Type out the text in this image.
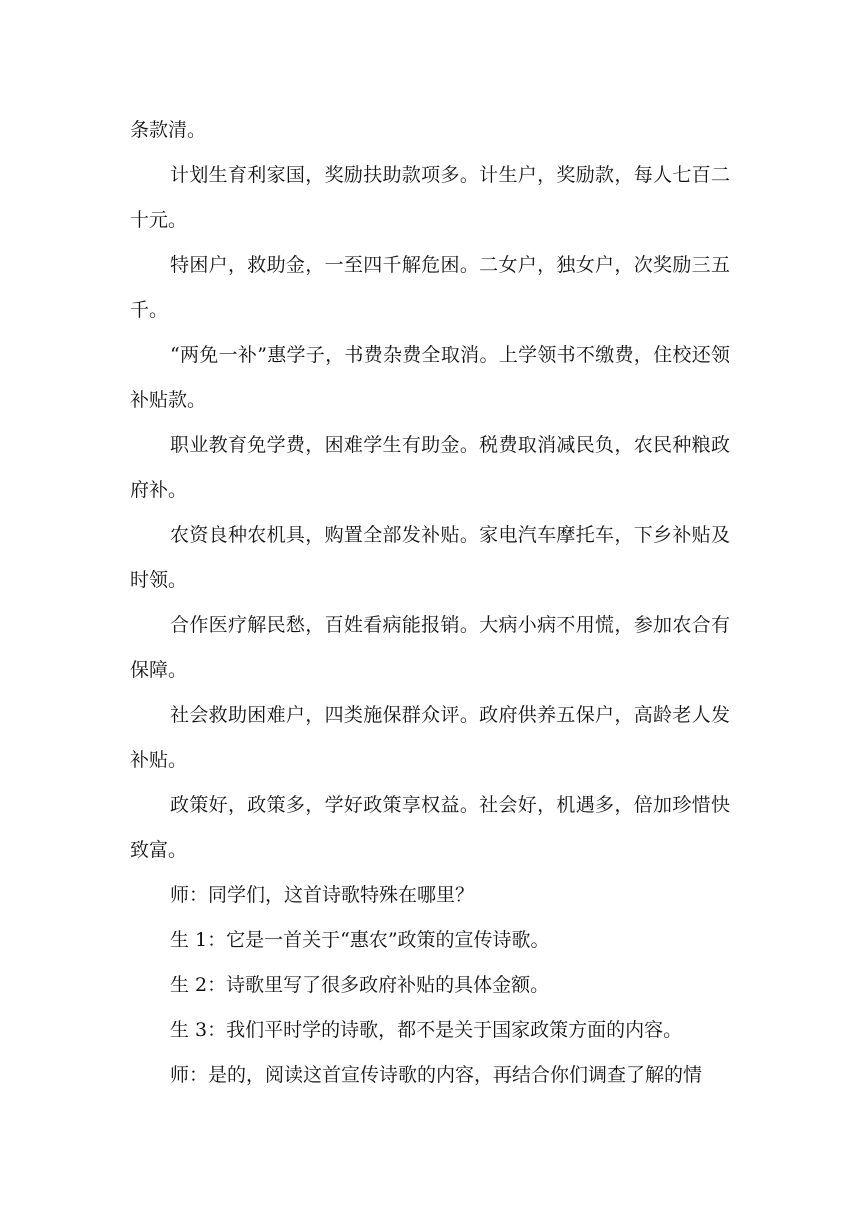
条款清。

计划生育利家国，奖励扶助款项多。计生户，奖励款，每人七百二十元。

特困户，救助金，一至四千解危困。二女户，独女户，次奖励三五千。

“两免一补”惠学子，书费杂费全取消。上学领书不缴费，住校还领补贴款。

职业教育免学费，困难学生有助金。税费取消减民负，农民种粮政府补。

农资良种农机具，购置全部发补贴。家电汽车摩托车，下乡补贴及时领。

合作医疗解民愁，百姓看病能报销。大病小病不用慌，参加农合有保障。

社会救助困难户，四类施保群众评。政府供养五保户，高龄老人发补贴。

政策好，政策多，学好政策享权益。社会好，机遇多，倍加珍惜快致富。

师：同学们，这首诗歌特殊在哪里？

生 1：它是一首关于“惠农”政策的宣传诗歌。

生 2：诗歌里写了很多政府补贴的具体金额。

生 3：我们平时学的诗歌，都不是关于国家政策方面的内容。

师：是的，阅读这首宣传诗歌的内容，再结合你们调查了解的情
